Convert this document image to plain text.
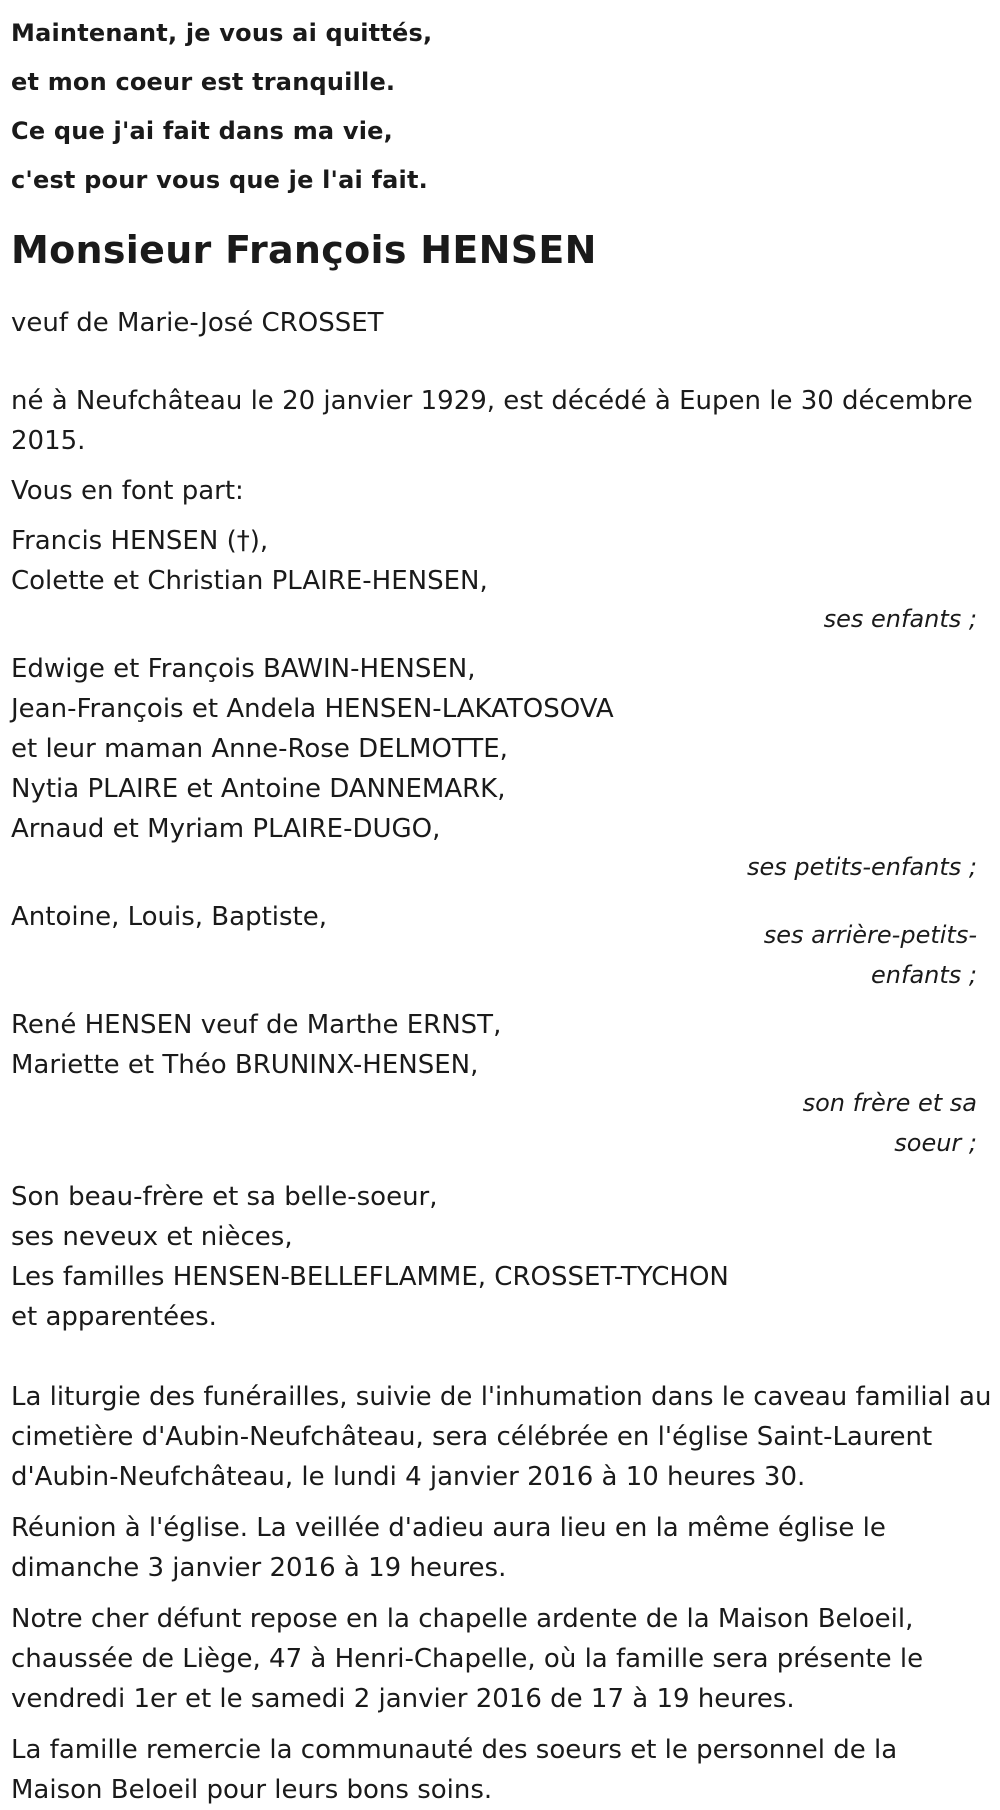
Maintenant, je vous ai quittés,
et mon coeur est tranquille.
Ce que j'ai fait dans ma vie,
c'est pour vous que je l'ai fait.
Monsieur François HENSEN
veuf de Marie-José CROSSET
né à Neufchâteau le 20 janvier 1929, est décédé à Eupen le 30 décembre 2015.
Vous en font part:
Francis HENSEN (†),
Colette et Christian PLAIRE-HENSEN,
ses enfants ;
Edwige et François BAWIN-HENSEN,
Jean-François et Andela HENSEN-LAKATOSOVA
et leur maman Anne-Rose DELMOTTE,
Nytia PLAIRE et Antoine DANNEMARK,
Arnaud et Myriam PLAIRE-DUGO,
ses petits-enfants ;
Antoine, Louis, Baptiste,
ses arrière-petits-enfants ;
René HENSEN veuf de Marthe ERNST,
Mariette et Théo BRUNINX-HENSEN,
son frère et sa soeur ;
Son beau-frère et sa belle-soeur,
ses neveux et nièces,
Les familles HENSEN-BELLEFLAMME, CROSSET-TYCHON
et apparentées.
La liturgie des funérailles, suivie de l'inhumation dans le caveau familial au cimetière d'Aubin-Neufchâteau, sera célébrée en l'église Saint-Laurent d'Aubin-Neufchâteau, le lundi 4 janvier 2016 à 10 heures 30.
Réunion à l'église. La veillée d'adieu aura lieu en la même église le dimanche 3 janvier 2016 à 19 heures.
Notre cher défunt repose en la chapelle ardente de la Maison Beloeil, chaussée de Liège, 47 à Henri-Chapelle, où la famille sera présente le vendredi 1er et le samedi 2 janvier 2016 de 17 à 19 heures.
La famille remercie la communauté des soeurs et le personnel de la Maison Beloeil pour leurs bons soins.
